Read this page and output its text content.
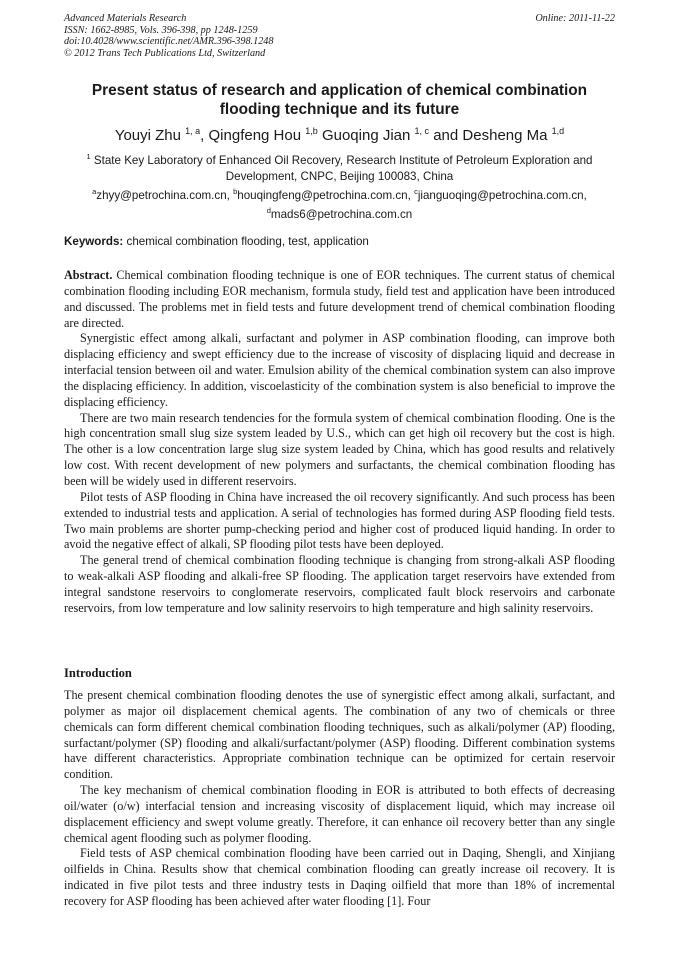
Advanced Materials Research
ISSN: 1662-8985, Vols. 396-398, pp 1248-1259
doi:10.4028/www.scientific.net/AMR.396-398.1248
© 2012 Trans Tech Publications Ltd, Switzerland
Online: 2011-11-22
Present status of research and application of chemical combination flooding technique and its future
Youyi Zhu $^{1, a}$, Qingfeng Hou $^{1,b}$ Guoqing Jian $^{1, c}$ and Desheng Ma $^{1,d}$
$^1$ State Key Laboratory of Enhanced Oil Recovery, Research Institute of Petroleum Exploration and Development, CNPC, Beijing 100083, China
$^a$zhyy@petrochina.com.cn, $^b$houqingfeng@petrochina.com.cn, $^c$jianguoqing@petrochina.com.cn,
$^d$mads6@petrochina.com.cn
Keywords: chemical combination flooding, test, application

Abstract. Chemical combination flooding technique is one of EOR techniques. The current status of chemical combination flooding including EOR mechanism, formula study, field test and application have been introduced and discussed. The problems met in field tests and future development trend of chemical combination flooding are directed.

Synergistic effect among alkali, surfactant and polymer in ASP combination flooding, can improve both displacing efficiency and swept efficiency due to the increase of viscosity of displacing liquid and decrease in interfacial tension between oil and water. Emulsion ability of the chemical combination system can also improve the displacing efficiency. In addition, viscoelasticity of the combination system is also beneficial to improve the displacing efficiency.

There are two main research tendencies for the formula system of chemical combination flooding. One is the high concentration small slug size system leaded by U.S., which can get high oil recovery but the cost is high. The other is a low concentration large slug size system leaded by China, which has good results and relatively low cost. With recent development of new polymers and surfactants, the chemical combination flooding has been will be widely used in different reservoirs.

Pilot tests of ASP flooding in China have increased the oil recovery significantly. And such process has been extended to industrial tests and application. A serial of technologies has formed during ASP flooding field tests. Two main problems are shorter pump-checking period and higher cost of produced liquid handing. In order to avoid the negative effect of alkali, SP flooding pilot tests have been deployed.

The general trend of chemical combination flooding technique is changing from strong-alkali ASP flooding to weak-alkali ASP flooding and alkali-free SP flooding. The application target reservoirs have extended from integral sandstone reservoirs to conglomerate reservoirs, complicated fault block reservoirs and carbonate reservoirs, from low temperature and low salinity reservoirs to high temperature and high salinity reservoirs.

Introduction

The present chemical combination flooding denotes the use of synergistic effect among alkali, surfactant, and polymer as major oil displacement chemical agents. The combination of any two of chemicals or three chemicals can form different chemical combination flooding techniques, such as alkali/polymer (AP) flooding, surfactant/polymer (SP) flooding and alkali/surfactant/polymer (ASP) flooding. Different combination systems have different characteristics. Appropriate combination technique can be optimized for certain reservoir condition.

The key mechanism of chemical combination flooding in EOR is attributed to both effects of decreasing oil/water (o/w) interfacial tension and increasing viscosity of displacement liquid, which may increase oil displacement efficiency and swept volume greatly. Therefore, it can enhance oil recovery better than any single chemical agent flooding such as polymer flooding.

Field tests of ASP chemical combination flooding have been carried out in Daqing, Shengli, and Xinjiang oilfields in China. Results show that chemical combination flooding can greatly increase oil recovery. It is indicated in five pilot tests and three industry tests in Daqing oilfield that more than 18% of incremental recovery for ASP flooding has been achieved after water flooding [1]. Four
